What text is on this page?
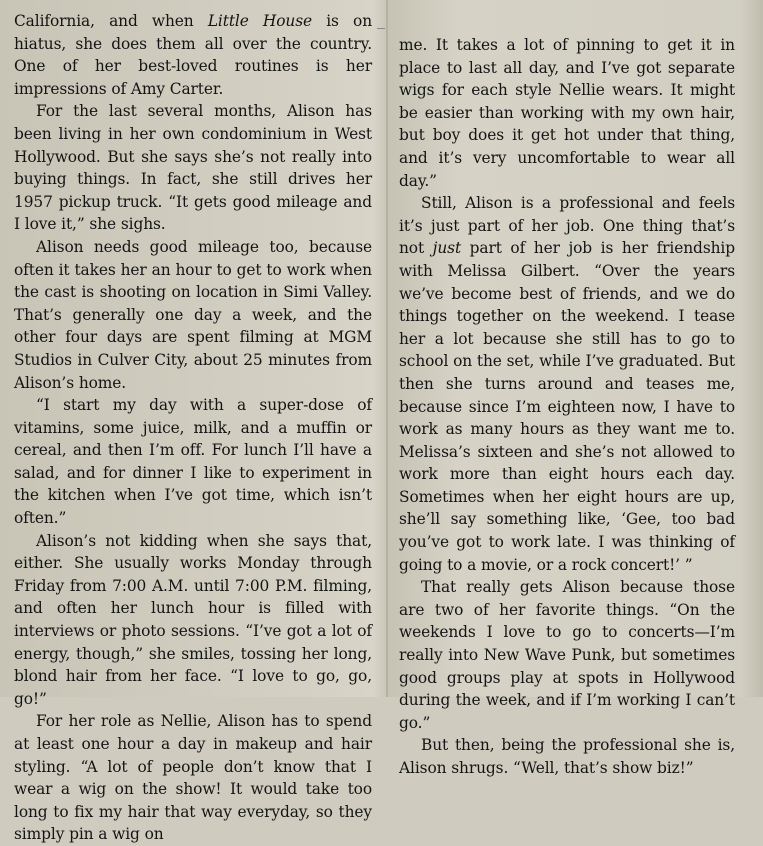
California, and when Little House is on hiatus, she does them all over the country. One of her best-loved routines is her impressions of Amy Carter.

For the last several months, Alison has been living in her own condominium in West Hollywood. But she says she’s not really into buying things. In fact, she still drives her 1957 pickup truck. “It gets good mileage and I love it,” she sighs.

Alison needs good mileage too, because often it takes her an hour to get to work when the cast is shooting on location in Simi Valley. That’s generally one day a week, and the other four days are spent filming at MGM Studios in Culver City, about 25 minutes from Alison’s home.

“I start my day with a super-dose of vitamins, some juice, milk, and a muffin or cereal, and then I’m off. For lunch I’ll have a salad, and for dinner I like to experiment in the kitchen when I’ve got time, which isn’t often.”

Alison’s not kidding when she says that, either. She usually works Monday through Friday from 7:00 A.M. until 7:00 P.M. filming, and often her lunch hour is filled with interviews or photo sessions. “I’ve got a lot of energy, though,” she smiles, tossing her long, blond hair from her face. “I love to go, go, go!”

For her role as Nellie, Alison has to spend at least one hour a day in makeup and hair styling. “A lot of people don’t know that I wear a wig on the show! It would take too long to fix my hair that way everyday, so they simply pin a wig on

me. It takes a lot of pinning to get it in place to last all day, and I’ve got separate wigs for each style Nellie wears. It might be easier than working with my own hair, but boy does it get hot under that thing, and it’s very uncomfortable to wear all day.”

Still, Alison is a professional and feels it’s just part of her job. One thing that’s not just part of her job is her friendship with Melissa Gilbert. “Over the years we’ve become best of friends, and we do things together on the weekend. I tease her a lot because she still has to go to school on the set, while I’ve graduated. But then she turns around and teases me, because since I’m eighteen now, I have to work as many hours as they want me to. Melissa’s sixteen and she’s not allowed to work more than eight hours each day. Sometimes when her eight hours are up, she’ll say something like, ‘Gee, too bad you’ve got to work late. I was thinking of going to a movie, or a rock concert!’ ”

That really gets Alison because those are two of her favorite things. “On the weekends I love to go to concerts—I’m really into New Wave Punk, but sometimes good groups play at spots in Hollywood during the week, and if I’m working I can’t go.”

But then, being the professional she is, Alison shrugs. “Well, that’s show biz!”
